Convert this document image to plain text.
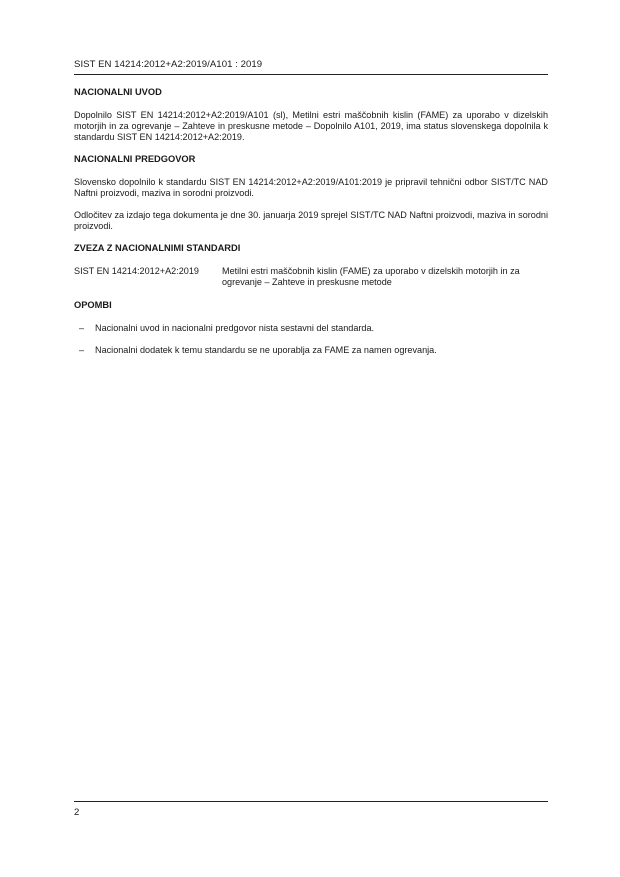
SIST EN 14214:2012+A2:2019/A101 : 2019
NACIONALNI UVOD

Dopolnilo SIST EN 14214:2012+A2:2019/A101 (sl), Metilni estri maščobnih kislin (FAME) za uporabo v dizelskih motorjih in za ogrevanje – Zahteve in preskusne metode – Dopolnilo A101, 2019, ima status slovenskega dopolnila k standardu SIST EN 14214:2012+A2:2019.

NACIONALNI PREDGOVOR

Slovensko dopolnilo k standardu SIST EN 14214:2012+A2:2019/A101:2019 je pripravil tehnični odbor SIST/TC NAD Naftni proizvodi, maziva in sorodni proizvodi.

Odločitev za izdajo tega dokumenta je dne 30. januarja 2019 sprejel SIST/TC NAD Naftni proizvodi, maziva in sorodni proizvodi.

ZVEZA Z NACIONALNIMI STANDARDI
SIST EN 14214:2012+A2:2019	Metilni estri maščobnih kislin (FAME) za uporabo v dizelskih motorjih in za ogrevanje – Zahteve in preskusne metode
OPOMBI
–	Nacionalni uvod in nacionalni predgovor nista sestavni del standarda.
–	Nacionalni dodatek k temu standardu se ne uporablja za FAME za namen ogrevanja.
2
